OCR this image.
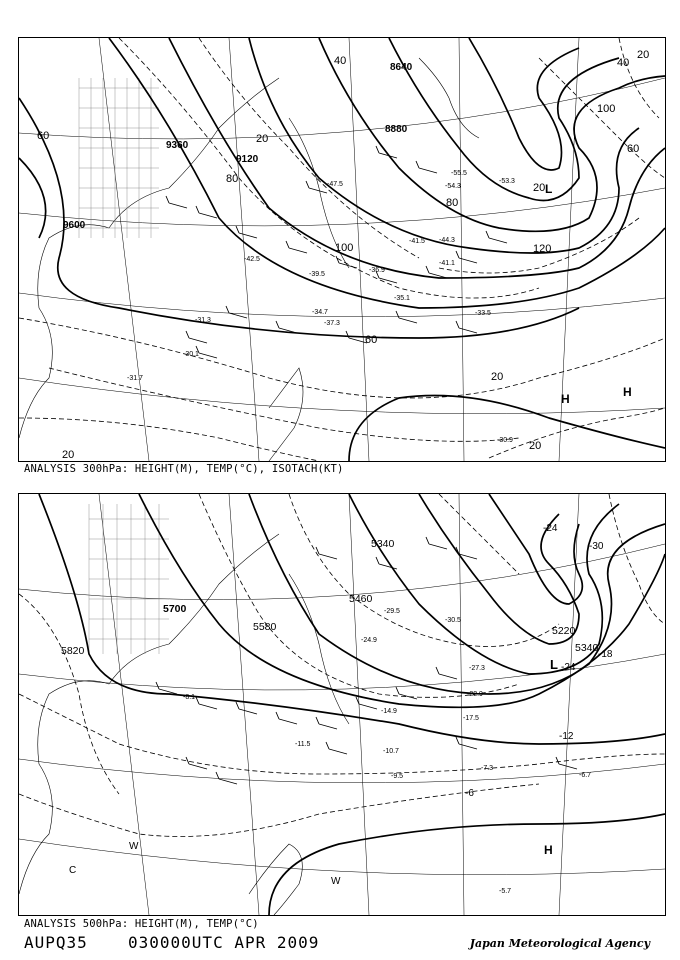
9600
9360
9120
8640
8880
60
40
20
80
100	120
100
80
60
40
20
20
60
20
20
20
-47.5
-42.5
-41.5
-39.5
-35.1
-33.5
-34.7
-31.3
-30.1
-31.7
-30.9
-55.5
-54.3
-53.3
-44.3
-41.1
-37.3
-36.9
L
H	H
ANALYSIS 300hPa: HEIGHT(M), TEMP(°C), ISOTACH(KT)
5820
5700
5580
5460
5340
5220
5340
-24
-18
-12
-6
-30
-24
-27.3
-22.9
-17.5
-14.9
-10.7
-7.3
-6.7
-9.5
-5.7
-8.1
-11.5
-29.5
-30.5
-24.9
L
H
C
W
W
ANALYSIS 500hPa: HEIGHT(M), TEMP(°C)
AUPQ35	030000UTC APR 2009	Japan Meteorological Agency
